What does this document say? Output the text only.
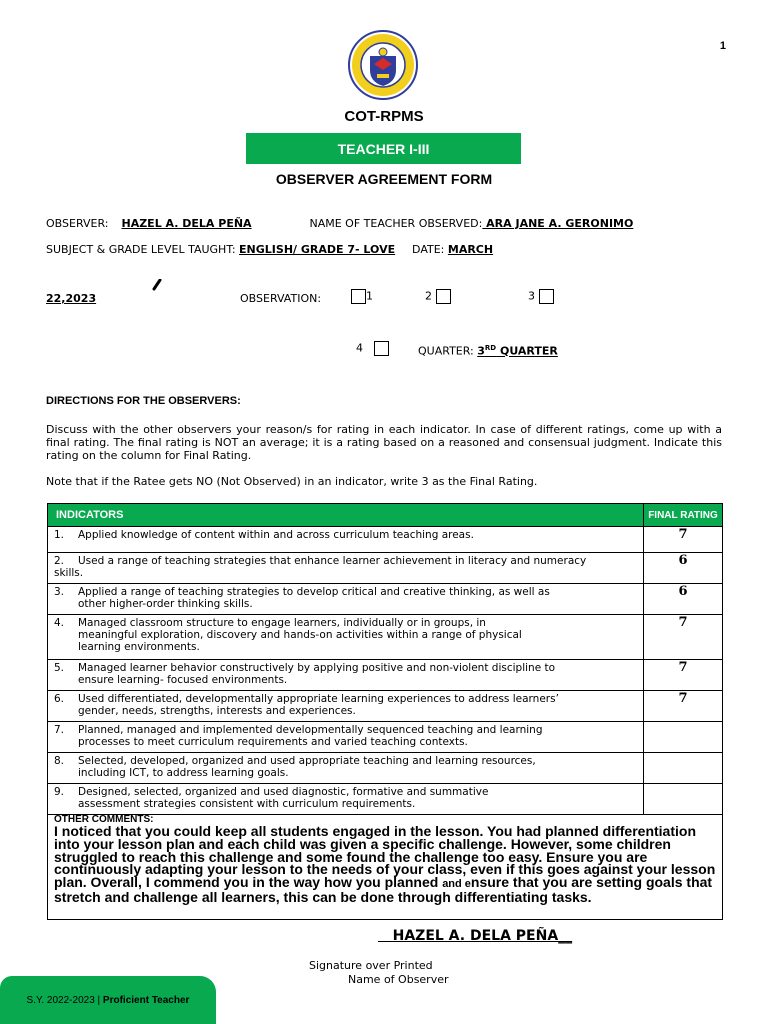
1
COT-RPMS
TEACHER I-III
OBSERVER AGREEMENT FORM
OBSERVER: HAZEL A. DELA PEÑA	NAME OF TEACHER OBSERVED: ARA JANE A. GERONIMO
SUBJECT & GRADE LEVEL TAUGHT: ENGLISH/ GRADE 7- LOVE DATE: MARCH
22,2023	OBSERVATION:	1	2	3
4	QUARTER: 3RD QUARTER
DIRECTIONS FOR THE OBSERVERS:
Discuss with the other observers your reason/s for rating in each indicator. In case of different ratings, come up with a final rating. The final rating is NOT an average; it is a rating based on a reasoned and consensual judgment. Indicate this rating on the column for Final Rating.
Note that if the Ratee gets NO (Not Observed) in an indicator, write 3 as the Final Rating.
INDICATORS	FINAL RATING

1. Applied knowledge of content within and across curriculum teaching areas.	7

2. Used a range of teaching strategies that enhance learner achievement in literacy and numeracy
skills.	6

3. Applied a range of teaching strategies to develop critical and creative thinking, as well as
other higher-order thinking skills.	6

4. Managed classroom structure to engage learners, individually or in groups, in
meaningful exploration, discovery and hands-on activities within a range of physical
learning environments.	7

5. Managed learner behavior constructively by applying positive and non-violent discipline to
ensure learning- focused environments.	7

6. Used differentiated, developmentally appropriate learning experiences to address learners’
gender, needs, strengths, interests and experiences.	7

7. Planned, managed and implemented developmentally sequenced teaching and learning
processes to meet curriculum requirements and varied teaching contexts.	

8. Selected, developed, organized and used appropriate teaching and learning resources,
including ICT, to address learning goals.	

9. Designed, selected, organized and used diagnostic, formative and summative
assessment strategies consistent with curriculum requirements.	

OTHER COMMENTS:
I noticed that you could keep all students engaged in the lesson. You had planned differentiation into your lesson plan and each child was given a specific challenge. However, some children struggled to reach this challenge and some found the challenge too easy. Ensure you are continuously adapting your lesson to the needs of your class, even if this goes against your lesson plan. Overall, I commend you in the way how you planned and ensure that you are setting goals that stretch and challenge all learners, this can be done through differentiating tasks.	
HAZEL A. DELA PEÑA__
Signature over Printed
Name of Observer
S.Y. 2022-2023 | Proficient Teacher
